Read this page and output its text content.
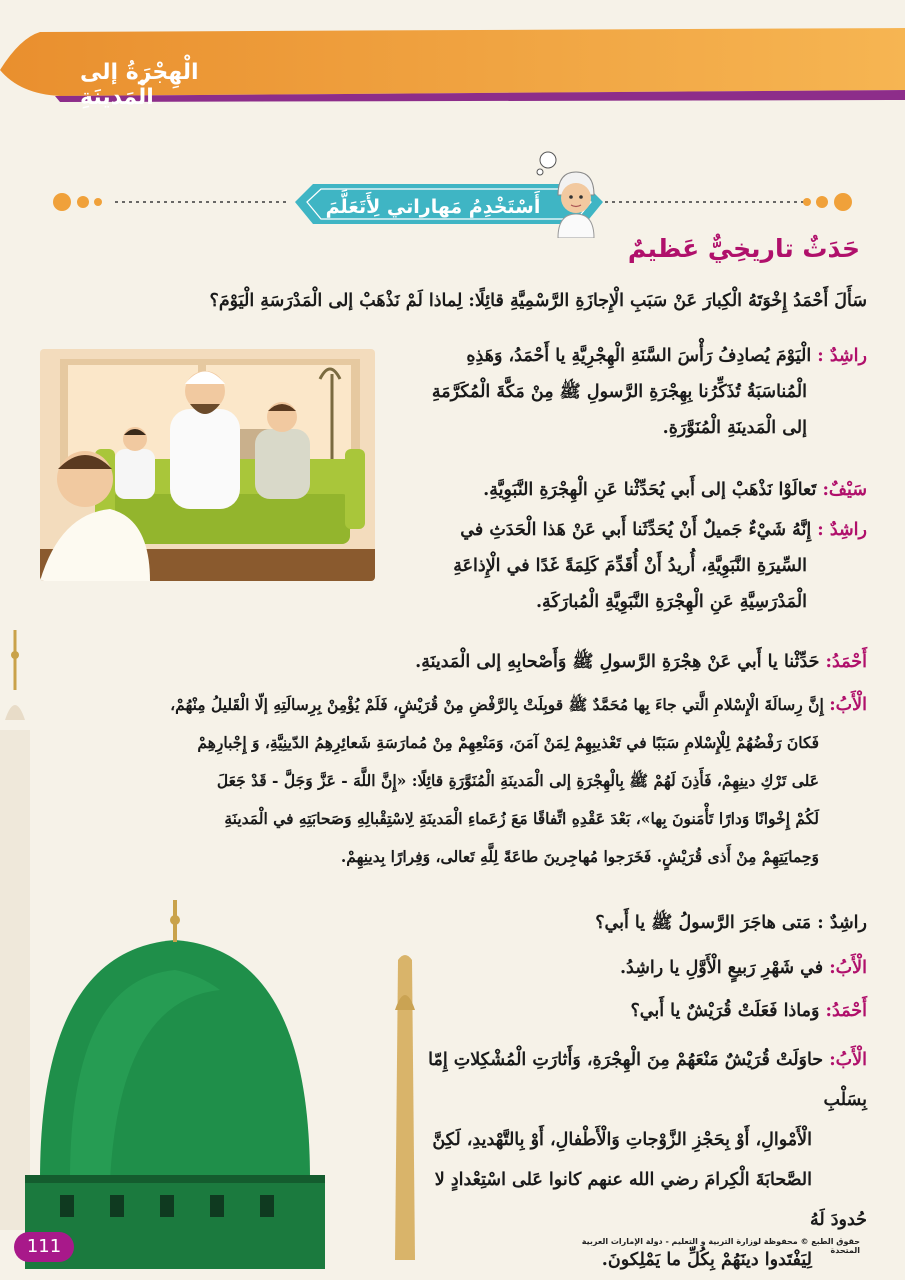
الْهِجْرَةُ إلى الْمَدينَةِ
أَسْتَخْدِمُ مَهاراتي لِأَتَعَلَّمَ
حَدَثٌ تاريخِيٌّ عَظيمٌ
سَأَلَ أَحْمَدُ إِخْوَتَهُ الْكِبارَ عَنْ سَبَبِ الْإِجازَةِ الرَّسْمِيَّةِ قائِلًا: لِماذا لَمْ نَذْهَبْ إلى الْمَدْرَسَةِ الْيَوْمَ؟
راشِدٌ : الْيَوْمَ يُصادِفُ رَأْسَ السَّنَةِ الْهِجْرِيَّةِ يا أَحْمَدُ، وَهَذِهِ
الْمُناسَبَةُ تُذَكِّرُنا بِهِجْرَةِ الرَّسولِ ﷺ مِنْ مَكَّةَ الْمُكَرَّمَةِ
إلى الْمَدينَةِ الْمُنَوَّرَةِ.
سَيْفٌ: تَعالَوْا نَذْهَبْ إلى أَبي يُحَدِّثْنا عَنِ الْهِجْرَةِ النَّبَوِيَّةِ.
راشِدٌ : إِنَّهُ شَيْءٌ جَميلٌ أَنْ يُحَدِّثَنا أَبي عَنْ هَذا الْحَدَثِ في
السِّيرَةِ النَّبَوِيَّةِ، أُريدُ أَنْ أُقَدِّمَ كَلِمَةً غَدًا في الْإِذاعَةِ
الْمَدْرَسِيَّةِ عَنِ الْهِجْرَةِ النَّبَوِيَّةِ الْمُبارَكَةِ.
أَحْمَدُ: حَدِّثْنا يا أَبي عَنْ هِجْرَةِ الرَّسولِ ﷺ وَأَصْحابِهِ إلى الْمَدينَةِ.
الْأَبُ: إِنَّ رِسالَةَ الْإِسْلامِ الَّتي جاءَ بِها مُحَمَّدٌ ﷺ قوبِلَتْ بِالرَّفْضِ مِنْ قُرَيْشٍ، فَلَمْ يُؤْمِنْ بِرِسالَتِهِ إلّا الْقَليلُ مِنْهُمْ،
فَكانَ رَفْضُهُمْ لِلْإِسْلامِ سَبَبًا في تَعْذيبِهِمْ لِمَنْ آمَنَ، وَمَنْعِهِمْ مِنْ مُمارَسَةِ شَعائِرِهِمُ الدّينِيَّةِ، وَ إِجْبارِهِمْ
عَلى تَرْكِ دينِهِمْ، فَأَذِنَ لَهُمْ ﷺ بِالْهِجْرَةِ إلى الْمَدينَةِ الْمُنَوَّرَةِ قائِلًا: «إِنَّ اللَّهَ - عَزَّ وَجَلَّ - قَدْ جَعَلَ
لَكُمْ إِخْوانًا وَدارًا تَأْمَنونَ بِها»، بَعْدَ عَقْدِهِ اتِّفاقًا مَعَ زُعَماءِ الْمَدينَةِ لِاسْتِقْبالِهِ وَصَحابَتِهِ في الْمَدينَةِ
وَحِمايَتِهِمْ مِنْ أَذى قُرَيْشٍ. فَخَرَجوا مُهاجِرينَ طاعَةً لِلَّهِ تَعالى، وَفِرارًا بِدينِهِمْ.
راشِدٌ : مَتى هاجَرَ الرَّسولُ ﷺ يا أَبي؟
الْأَبُ: في شَهْرِ رَبيعٍ الْأَوَّلِ يا راشِدُ.
أَحْمَدُ: وَماذا فَعَلَتْ قُرَيْشٌ يا أَبي؟
الْأَبُ: حاوَلَتْ قُرَيْشٌ مَنْعَهُمْ مِنَ الْهِجْرَةِ، وَأَثارَتِ الْمُشْكِلاتِ إِمّا بِسَلْبِ
الْأَمْوالِ، أَوْ بِحَجْزِ الزَّوْجاتِ وَالْأَطْفالِ، أَوْ بِالتَّهْديدِ، لَكِنَّ
الصَّحابَةَ الْكِرامَ رضي الله عنهم كانوا عَلى اسْتِعْدادٍ لا حُدودَ لَهُ
لِيَفْتَدوا دينَهُمْ بِكُلِّ ما يَمْلِكونَ.
111	حقوق الطبع © محفوظة لوزارة التربية و التعليم - دولة الإمارات العربية المتحدة
